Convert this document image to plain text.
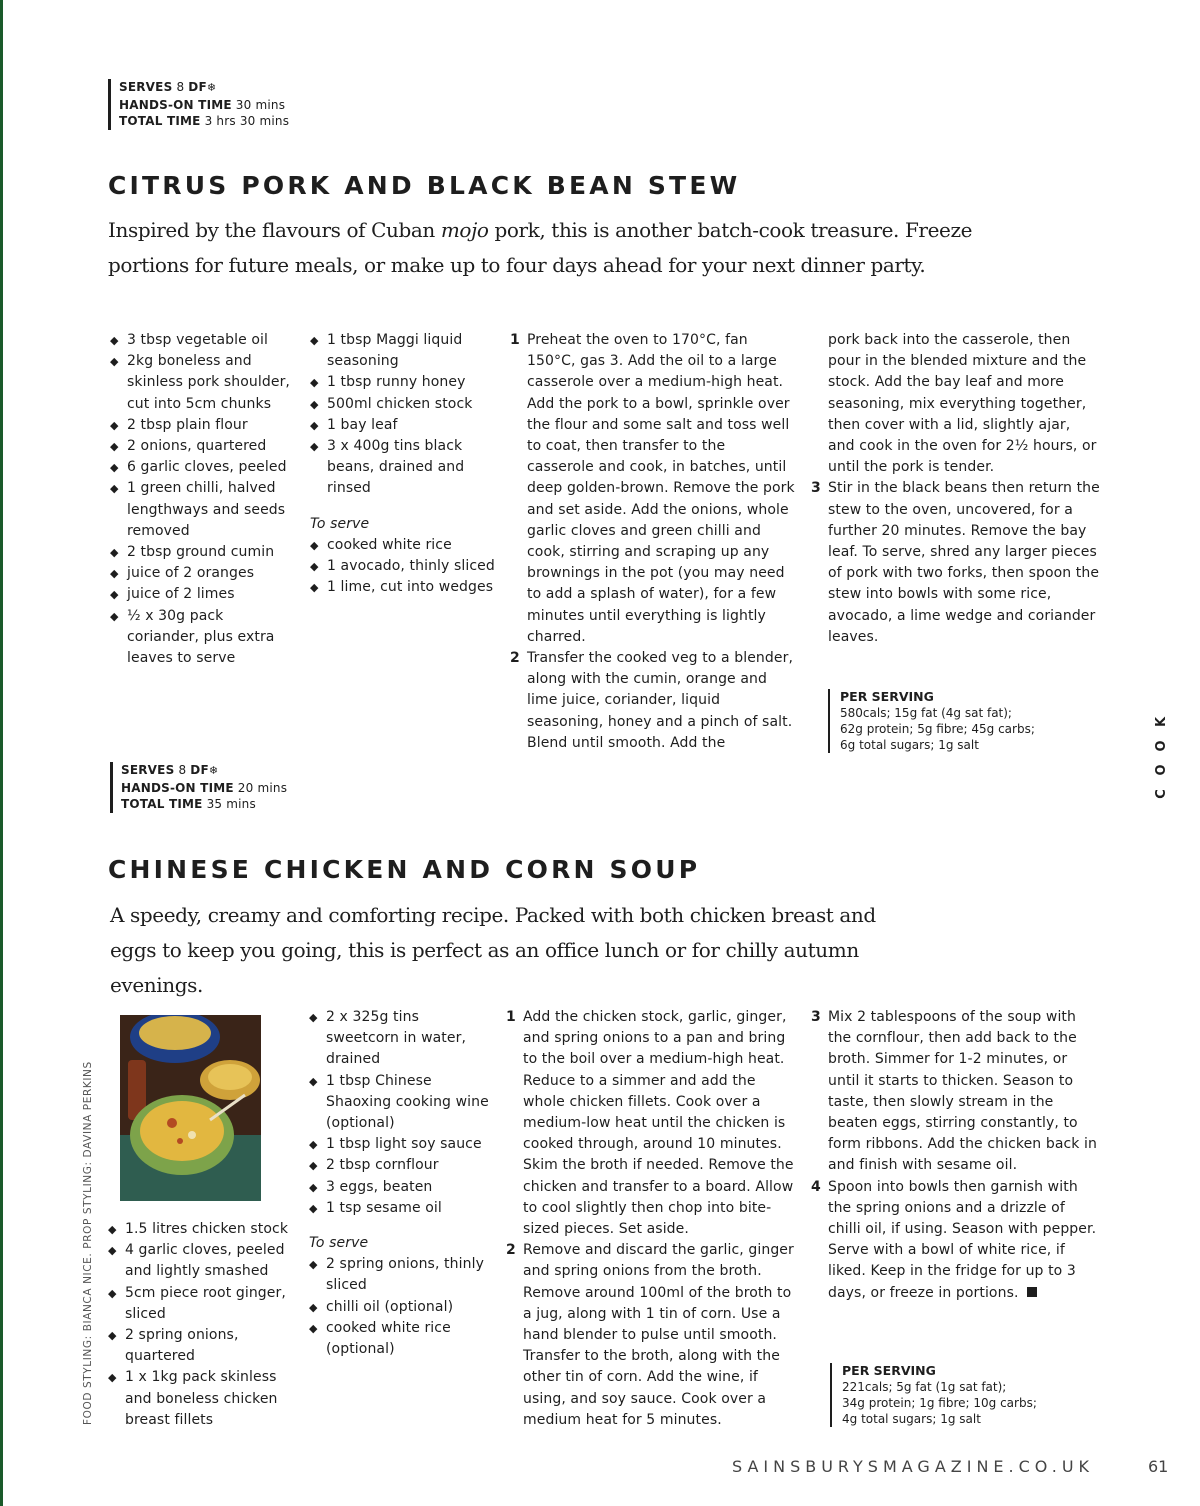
SERVES 8 DF❄
HANDS-ON TIME 30 mins
TOTAL TIME 3 hrs 30 mins
CITRUS PORK AND BLACK BEAN STEW

Inspired by the flavours of Cuban mojo pork, this is another batch-cook treasure. Freeze portions for future meals, or make up to four days ahead for your next dinner party.

◆ 3 tbsp vegetable oil
◆ 2kg boneless and skinless pork shoulder, cut into 5cm chunks
◆ 2 tbsp plain flour
◆ 2 onions, quartered
◆ 6 garlic cloves, peeled
◆ 1 green chilli, halved lengthways and seeds removed
◆ 2 tbsp ground cumin
◆ juice of 2 oranges
◆ juice of 2 limes
◆ ½ x 30g pack coriander, plus extra leaves to serve
◆ 1 tbsp Maggi liquid seasoning
◆ 1 tbsp runny honey
◆ 500ml chicken stock
◆ 1 bay leaf
◆ 3 x 400g tins black beans, drained and rinsed
To serve
◆ cooked white rice
◆ 1 avocado, thinly sliced
◆ 1 lime, cut into wedges
1 Preheat the oven to 170°C, fan 150°C, gas 3. Add the oil to a large casserole over a medium-high heat. Add the pork to a bowl, sprinkle over the flour and some salt and toss well to coat, then transfer to the casserole and cook, in batches, until deep golden-brown. Remove the pork and set aside. Add the onions, whole garlic cloves and green chilli and cook, stirring and scraping up any brownings in the pot (you may need to add a splash of water), for a few minutes until everything is lightly charred.
2 Transfer the cooked veg to a blender, along with the cumin, orange and lime juice, coriander, liquid seasoning, honey and a pinch of salt. Blend until smooth. Add the
pork back into the casserole, then pour in the blended mixture and the stock. Add the bay leaf and more seasoning, mix everything together, then cover with a lid, slightly ajar, and cook in the oven for 2½ hours, or until the pork is tender.
3 Stir in the black beans then return the stew to the oven, uncovered, for a further 20 minutes. Remove the bay leaf. To serve, shred any larger pieces of pork with two forks, then spoon the stew into bowls with some rice, avocado, a lime wedge and coriander leaves.
PER SERVING
580cals; 15g fat (4g sat fat);
62g protein; 5g fibre; 45g carbs;
6g total sugars; 1g salt
SERVES 8 DF❄
HANDS-ON TIME 20 mins
TOTAL TIME 35 mins
CHINESE CHICKEN AND CORN SOUP

A speedy, creamy and comforting recipe. Packed with both chicken breast and eggs to keep you going, this is perfect as an office lunch or for chilly autumn evenings.

FOOD STYLING: BIANCA NICE. PROP STYLING: DAVINA PERKINS
◆	1.5 litres chicken stock
◆ 4 garlic cloves, peeled and lightly smashed
◆ 5cm piece root ginger, sliced
◆ 2 spring onions, quartered
◆ 1 x 1kg pack skinless and boneless chicken breast fillets
◆ 2 x 325g tins sweetcorn in water, drained
◆ 1 tbsp Chinese Shaoxing cooking wine (optional)
◆ 1 tbsp light soy sauce
◆ 2 tbsp cornflour
◆ 3 eggs, beaten
◆ 1 tsp sesame oil
To serve
◆ 2 spring onions, thinly sliced
◆ chilli oil (optional)
◆ cooked white rice (optional)
1 Add the chicken stock, garlic, ginger, and spring onions to a pan and bring to the boil over a medium-high heat. Reduce to a simmer and add the whole chicken fillets. Cook over a medium-low heat until the chicken is cooked through, around 10 minutes. Skim the broth if needed. Remove the chicken and transfer to a board. Allow to cool slightly then chop into bite-sized pieces. Set aside.
2 Remove and discard the garlic, ginger and spring onions from the broth. Remove around 100ml of the broth to a jug, along with 1 tin of corn. Use a hand blender to pulse until smooth. Transfer to the broth, along with the other tin of corn. Add the wine, if using, and soy sauce. Cook over a medium heat for 5 minutes.
3 Mix 2 tablespoons of the soup with the cornflour, then add back to the broth. Simmer for 1-2 minutes, or until it starts to thicken. Season to taste, then slowly stream in the beaten eggs, stirring constantly, to form ribbons. Add the chicken back in and finish with sesame oil.
4 Spoon into bowls then garnish with the spring onions and a drizzle of chilli oil, if using. Season with pepper. Serve with a bowl of white rice, if liked. Keep in the fridge for up to 3 days, or freeze in portions.
PER SERVING
221cals; 5g fat (1g sat fat);
34g protein; 1g fibre; 10g carbs;
4g total sugars; 1g salt
K
O
O
C
SAINSBURYSMAGAZINE.CO.UK	61
